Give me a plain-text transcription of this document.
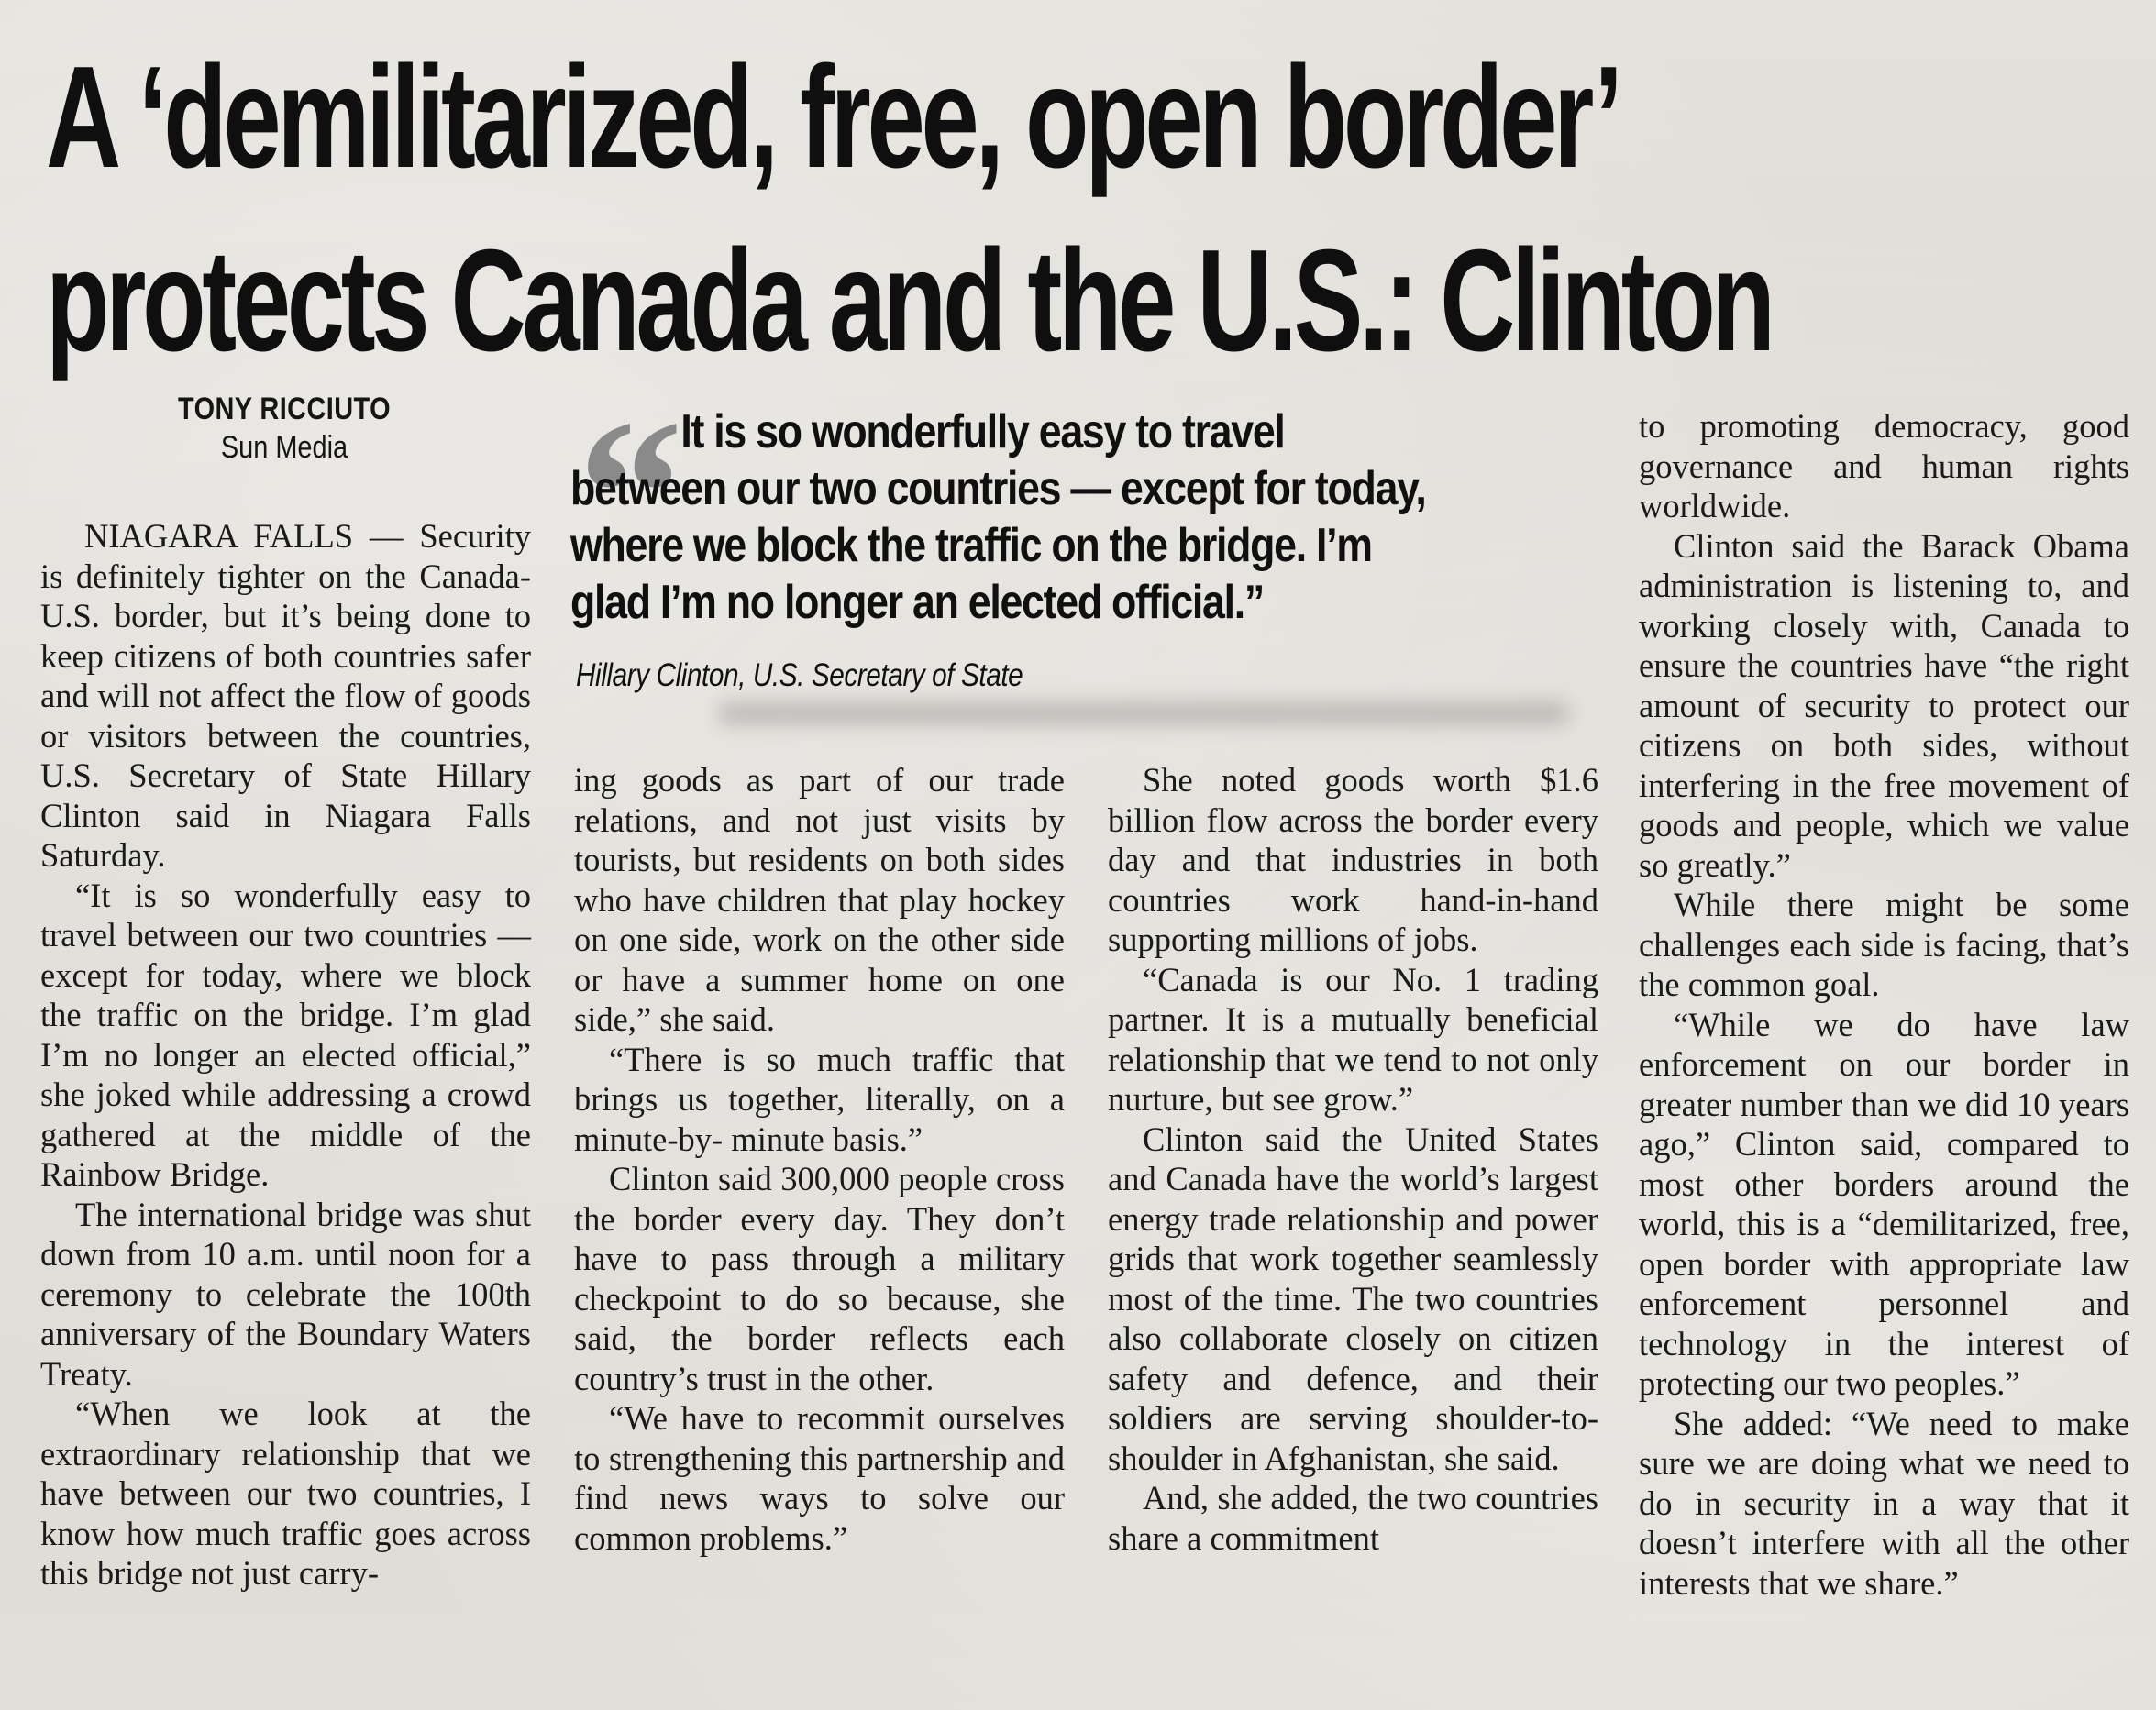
A ‘demilitarized, free, open border’
protects Canada and the U.S.: Clinton
TONY RICCIUTO
Sun Media	“

It is so wonderfully easy to travel between our two countries — except for today, where we block the traffic on the bridge. I’m glad I’m no longer an elected official.”

Hillary Clinton, U.S. Secretary of State

NIAGARA FALLS — Security is definitely tighter on the Canada-U.S. border, but it’s being done to keep citizens of both countries safer and will not affect the flow of goods or visitors between the countries, U.S. Secretary of State Hillary Clinton said in Niagara Falls Saturday.

“It is so wonderfully easy to travel between our two countries — except for today, where we block the traffic on the bridge. I’m glad I’m no longer an elected official,” she joked while addressing a crowd gathered at the middle of the Rainbow Bridge.

The international bridge was shut down from 10 a.m. until noon for a ceremony to celebrate the 100th anniversary of the Boundary Waters Treaty.

“When we look at the extraordinary relationship that we have between our two countries, I know how much traffic goes across this bridge not just carry-

ing goods as part of our trade relations, and not just visits by tourists, but residents on both sides who have children that play hockey on one side, work on the other side or have a summer home on one side,” she said.

“There is so much traffic that brings us together, literally, on a minute-by- minute basis.”

Clinton said 300,000 people cross the border every day. They don’t have to pass through a military checkpoint to do so because, she said, the border reflects each country’s trust in the other.

“We have to recommit ourselves to strengthening this partnership and find news ways to solve our common problems.”

She noted goods worth $1.6 billion flow across the border every day and that industries in both countries work hand-in-hand supporting millions of jobs.

“Canada is our No. 1 trading partner. It is a mutually beneficial relationship that we tend to not only nurture, but see grow.”

Clinton said the United States and Canada have the world’s largest energy trade relationship and power grids that work together seamlessly most of the time. The two countries also collaborate closely on citizen safety and defence, and their soldiers are serving shoulder-to-shoulder in Afghanistan, she said.

And, she added, the two countries share a commitment

to promoting democracy, good governance and human rights worldwide.

Clinton said the Barack Obama administration is listening to, and working closely with, Canada to ensure the countries have “the right amount of security to protect our citizens on both sides, without interfering in the free movement of goods and people, which we value so greatly.”

While there might be some challenges each side is facing, that’s the common goal.

“While we do have law enforcement on our border in greater number than we did 10 years ago,” Clinton said, compared to most other borders around the world, this is a “demilitarized, free, open border with appropriate law enforcement personnel and technology in the interest of protecting our two peoples.”

She added: “We need to make sure we are doing what we need to do in security in a way that it doesn’t interfere with all the other interests that we share.”
